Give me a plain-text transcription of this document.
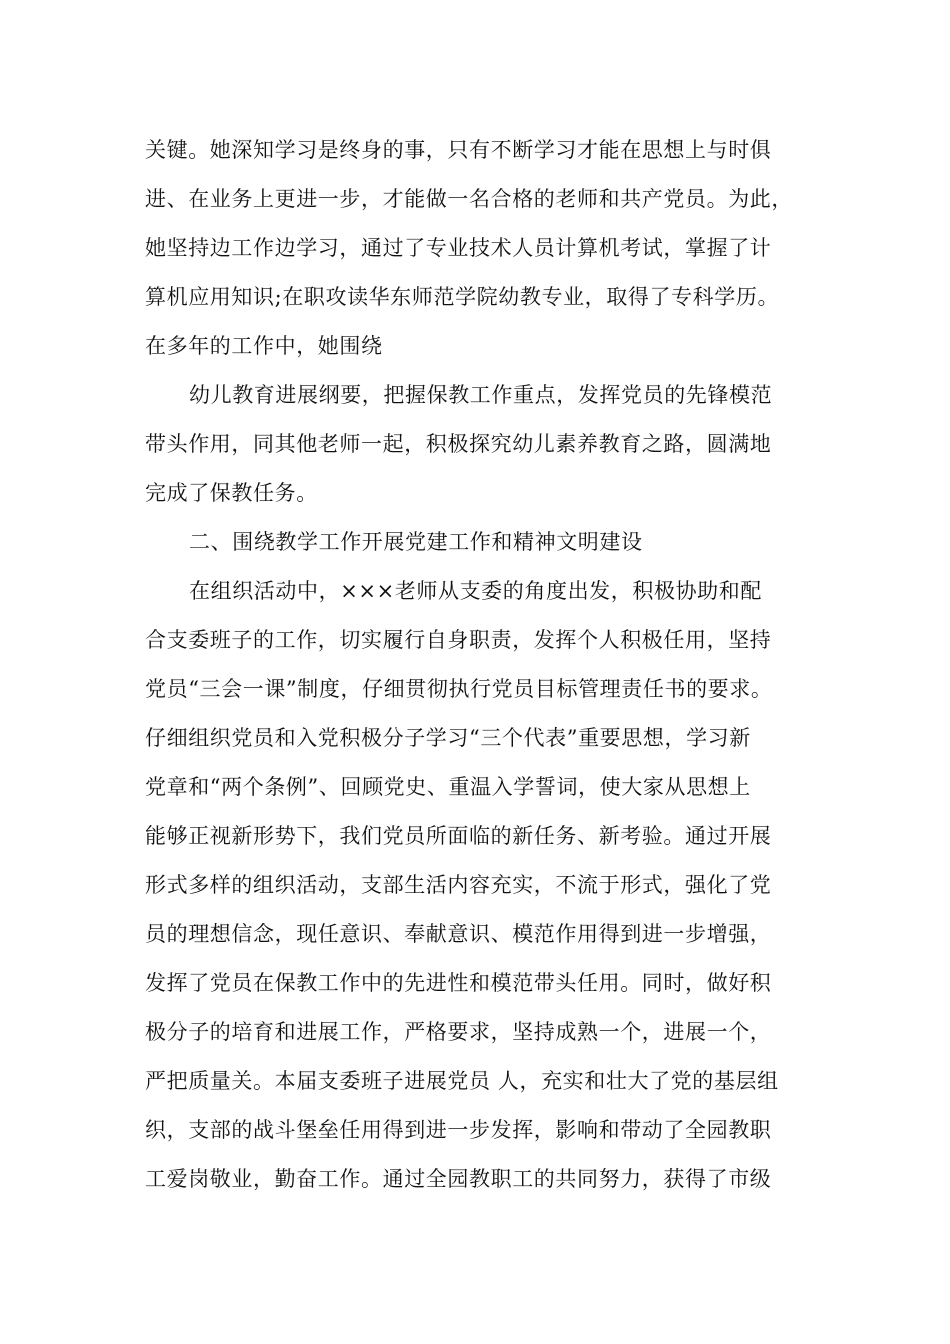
关键。她深知学习是终身的事，只有不断学习才能在思想上与时俱
进、在业务上更进一步，才能做一名合格的老师和共产党员。为此，
她坚持边工作边学习，通过了专业技术人员计算机考试，掌握了计
算机应用知识;在职攻读华东师范学院幼教专业，取得了专科学历。
在多年的工作中，她围绕
幼儿教育进展纲要，把握保教工作重点，发挥党员的先锋模范
带头作用，同其他老师一起，积极探究幼儿素养教育之路，圆满地
完成了保教任务。
二、围绕教学工作开展党建工作和精神文明建设
在组织活动中，×××老师从支委的角度出发，积极协助和配
合支委班子的工作，切实履行自身职责，发挥个人积极任用，坚持
党员“三会一课”制度，仔细贯彻执行党员目标管理责任书的要求。
仔细组织党员和入党积极分子学习“三个代表”重要思想，学习新
党章和“两个条例”、回顾党史、重温入学誓词，使大家从思想上
能够正视新形势下，我们党员所面临的新任务、新考验。通过开展
形式多样的组织活动，支部生活内容充实，不流于形式，强化了党
员的理想信念，现任意识、奉献意识、模范作用得到进一步增强，
发挥了党员在保教工作中的先进性和模范带头任用。同时，做好积
极分子的培育和进展工作，严格要求，坚持成熟一个，进展一个，
严把质量关。本届支委班子进展党员 人，充实和壮大了党的基层组
织，支部的战斗堡垒任用得到进一步发挥，影响和带动了全园教职
工爱岗敬业，勤奋工作。通过全园教职工的共同努力，获得了市级
